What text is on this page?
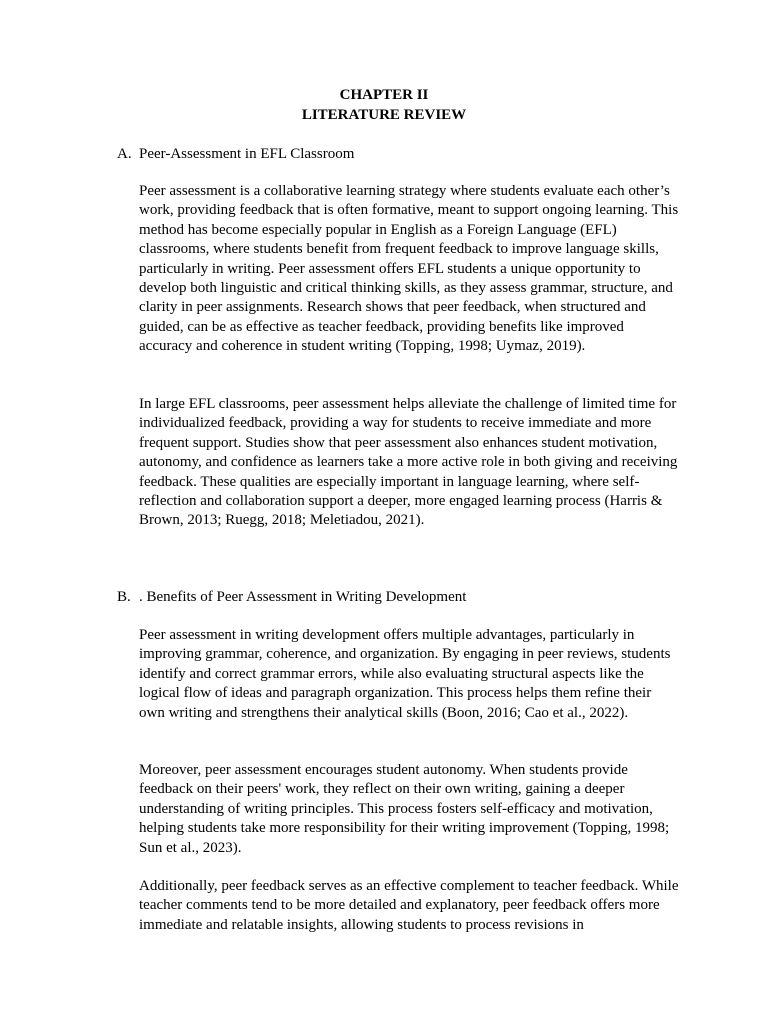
CHAPTER II
LITERATURE REVIEW
A. Peer-Assessment in EFL Classroom

Peer assessment is a collaborative learning strategy where students evaluate each other’s work, providing feedback that is often formative, meant to support ongoing learning. This method has become especially popular in English as a Foreign Language (EFL) classrooms, where students benefit from frequent feedback to improve language skills, particularly in writing. Peer assessment offers EFL students a unique opportunity to develop both linguistic and critical thinking skills, as they assess grammar, structure, and clarity in peer assignments. Research shows that peer feedback, when structured and guided, can be as effective as teacher feedback, providing benefits like improved accuracy and coherence in student writing (Topping, 1998; Uymaz, 2019).

In large EFL classrooms, peer assessment helps alleviate the challenge of limited time for individualized feedback, providing a way for students to receive immediate and more frequent support. Studies show that peer assessment also enhances student motivation, autonomy, and confidence as learners take a more active role in both giving and receiving feedback. These qualities are especially important in language learning, where self-reflection and collaboration support a deeper, more engaged learning process (Harris & Brown, 2013; Ruegg, 2018; Meletiadou, 2021).

B. . Benefits of Peer Assessment in Writing Development

Peer assessment in writing development offers multiple advantages, particularly in improving grammar, coherence, and organization. By engaging in peer reviews, students identify and correct grammar errors, while also evaluating structural aspects like the logical flow of ideas and paragraph organization. This process helps them refine their own writing and strengthens their analytical skills (Boon, 2016; Cao et al., 2022).

Moreover, peer assessment encourages student autonomy. When students provide feedback on their peers' work, they reflect on their own writing, gaining a deeper understanding of writing principles. This process fosters self-efficacy and motivation, helping students take more responsibility for their writing improvement (Topping, 1998; Sun et al., 2023).

Additionally, peer feedback serves as an effective complement to teacher feedback. While teacher comments tend to be more detailed and explanatory, peer feedback offers more immediate and relatable insights, allowing students to process revisions in
